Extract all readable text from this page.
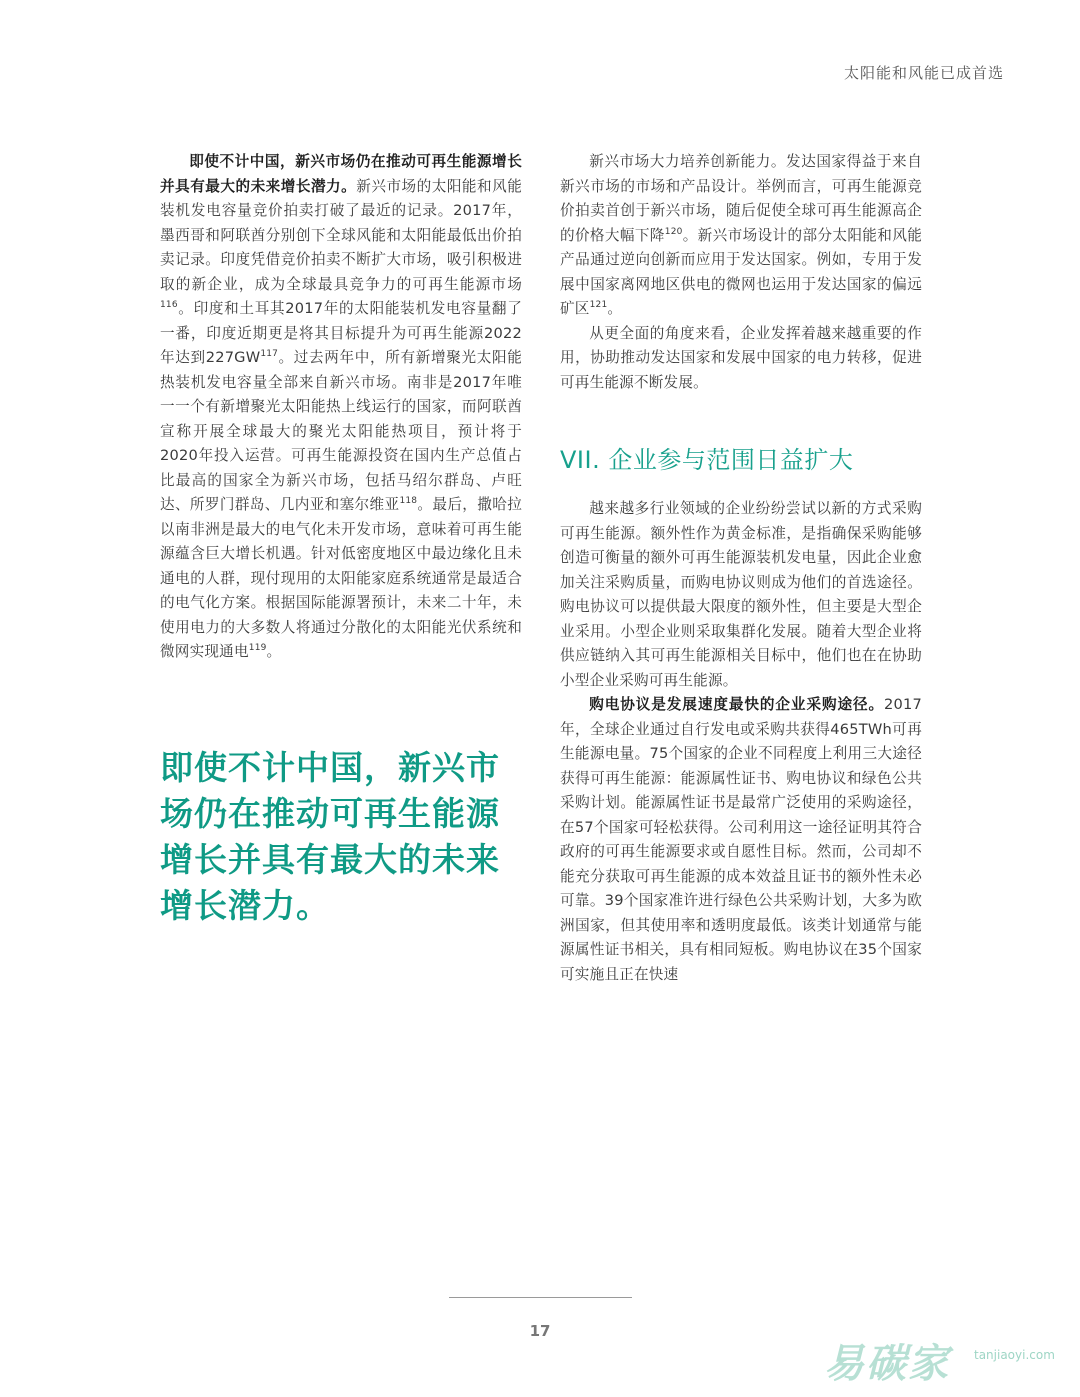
太阳能和风能已成首选

即使不计中国，新兴市场仍在推动可再生能源增长并具有最大的未来增长潜力。新兴市场的太阳能和风能装机发电容量竞价拍卖打破了最近的记录。2017年，墨西哥和阿联酋分别创下全球风能和太阳能最低出价拍卖记录。印度凭借竞价拍卖不断扩大市场，吸引积极进取的新企业，成为全球最具竞争力的可再生能源市场$^{116}$。印度和土耳其2017年的太阳能装机发电容量翻了一番，印度近期更是将其目标提升为可再生能源2022年达到227GW$^{117}$。过去两年中，所有新增聚光太阳能热装机发电容量全部来自新兴市场。南非是2017年唯一一个有新增聚光太阳能热上线运行的国家，而阿联酋宣称开展全球最大的聚光太阳能热项目，预计将于2020年投入运营。可再生能源投资在国内生产总值占比最高的国家全为新兴市场，包括马绍尔群岛、卢旺达、所罗门群岛、几内亚和塞尔维亚$^{118}$。最后，撒哈拉以南非洲是最大的电气化未开发市场，意味着可再生能源蕴含巨大增长机遇。针对低密度地区中最边缘化且未通电的人群，现付现用的太阳能家庭系统通常是最适合的电气化方案。根据国际能源署预计，未来二十年，未使用电力的大多数人将通过分散化的太阳能光伏系统和微网实现通电$^{119}$。

即使不计中国，新兴市场仍在推动可再生能源增长并具有最大的未来增长潜力。

新兴市场大力培养创新能力。发达国家得益于来自新兴市场的市场和产品设计。举例而言，可再生能源竞价拍卖首创于新兴市场，随后促使全球可再生能源高企的价格大幅下降$^{120}$。新兴市场设计的部分太阳能和风能产品通过逆向创新而应用于发达国家。例如，专用于发展中国家离网地区供电的微网也运用于发达国家的偏远矿区$^{121}$。

从更全面的角度来看，企业发挥着越来越重要的作用，协助推动发达国家和发展中国家的电力转移，促进可再生能源不断发展。

VII. 企业参与范围日益扩大

越来越多行业领域的企业纷纷尝试以新的方式采购可再生能源。额外性作为黄金标准，是指确保采购能够创造可衡量的额外可再生能源装机发电量，因此企业愈加关注采购质量，而购电协议则成为他们的首选途径。购电协议可以提供最大限度的额外性，但主要是大型企业采用。小型企业则采取集群化发展。随着大型企业将供应链纳入其可再生能源相关目标中，他们也在在协助小型企业采购可再生能源。

购电协议是发展速度最快的企业采购途径。2017年，全球企业通过自行发电或采购共获得465TWh可再生能源电量。75个国家的企业不同程度上利用三大途径获得可再生能源：能源属性证书、购电协议和绿色公共采购计划。能源属性证书是最常广泛使用的采购途径，在57个国家可轻松获得。公司利用这一途径证明其符合政府的可再生能源要求或自愿性目标。然而，公司却不能充分获取可再生能源的成本效益且证书的额外性未必可靠。39个国家准许进行绿色公共采购计划，大多为欧洲国家，但其使用率和透明度最低。该类计划通常与能源属性证书相关，具有相同短板。购电协议在35个国家可实施且正在快速

17
易碳家 tanjiaoyi.com
